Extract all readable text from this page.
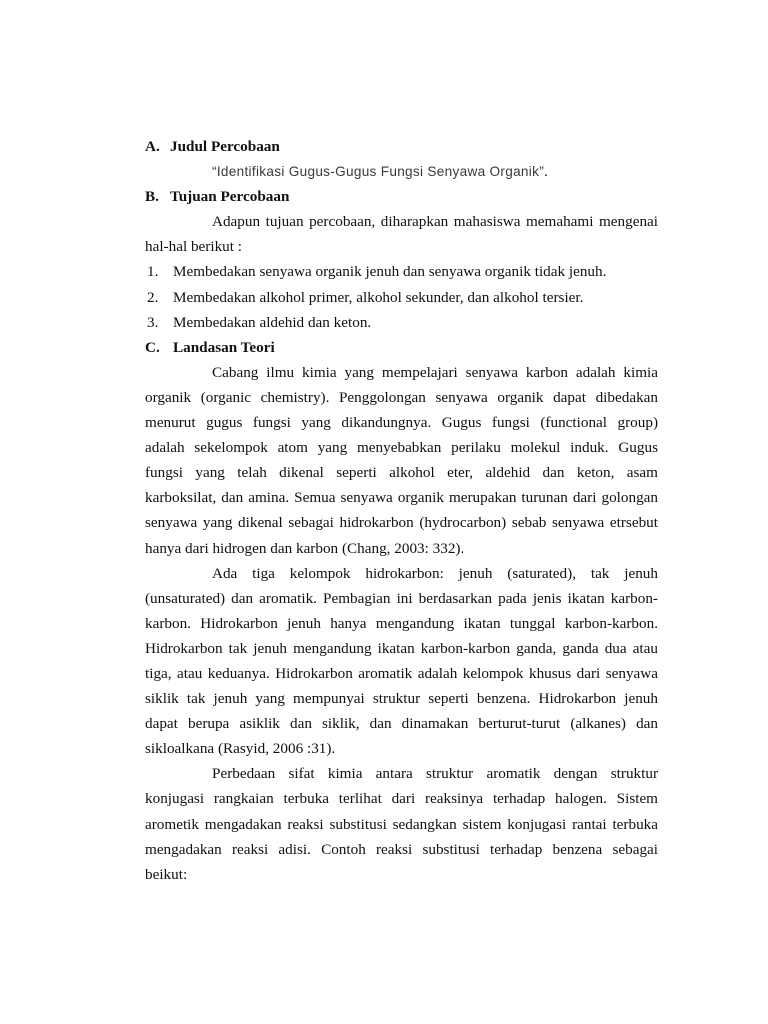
A. Judul Percobaan
“Identifikasi Gugus-Gugus Fungsi Senyawa Organik”.
B. Tujuan Percobaan
Adapun tujuan percobaan, diharapkan mahasiswa memahami mengenai
hal-hal berikut :
1. Membedakan senyawa organik jenuh dan senyawa organik tidak jenuh.
2. Membedakan alkohol primer, alkohol sekunder, dan alkohol tersier.
3. Membedakan aldehid dan keton.
C. Landasan Teori
Cabang ilmu kimia yang mempelajari senyawa karbon adalah kimia
organik (organic chemistry). Penggolongan senyawa organik dapat dibedakan
menurut gugus fungsi yang dikandungnya. Gugus fungsi (functional group)
adalah sekelompok atom yang menyebabkan perilaku molekul induk. Gugus
fungsi yang telah dikenal seperti alkohol eter, aldehid dan keton, asam
karboksilat, dan amina. Semua senyawa organik merupakan turunan dari golongan
senyawa yang dikenal sebagai hidrokarbon (hydrocarbon) sebab senyawa etrsebut
hanya dari hidrogen dan karbon (Chang, 2003: 332).
Ada tiga kelompok hidrokarbon: jenuh (saturated), tak jenuh
(unsaturated) dan aromatik. Pembagian ini berdasarkan pada jenis ikatan karbon-
karbon. Hidrokarbon jenuh hanya mengandung ikatan tunggal karbon-karbon.
Hidrokarbon tak jenuh mengandung ikatan karbon-karbon ganda, ganda dua atau
tiga, atau keduanya. Hidrokarbon aromatik adalah kelompok khusus dari senyawa
siklik tak jenuh yang mempunyai struktur seperti benzena. Hidrokarbon jenuh
dapat berupa asiklik dan siklik, dan dinamakan berturut-turut (alkanes) dan
sikloalkana (Rasyid, 2006 :31).
Perbedaan sifat kimia antara struktur aromatik dengan struktur
konjugasi rangkaian terbuka terlihat dari reaksinya terhadap halogen. Sistem
arometik mengadakan reaksi substitusi sedangkan sistem konjugasi rantai terbuka
mengadakan reaksi adisi. Contoh reaksi substitusi terhadap benzena sebagai
beikut:
